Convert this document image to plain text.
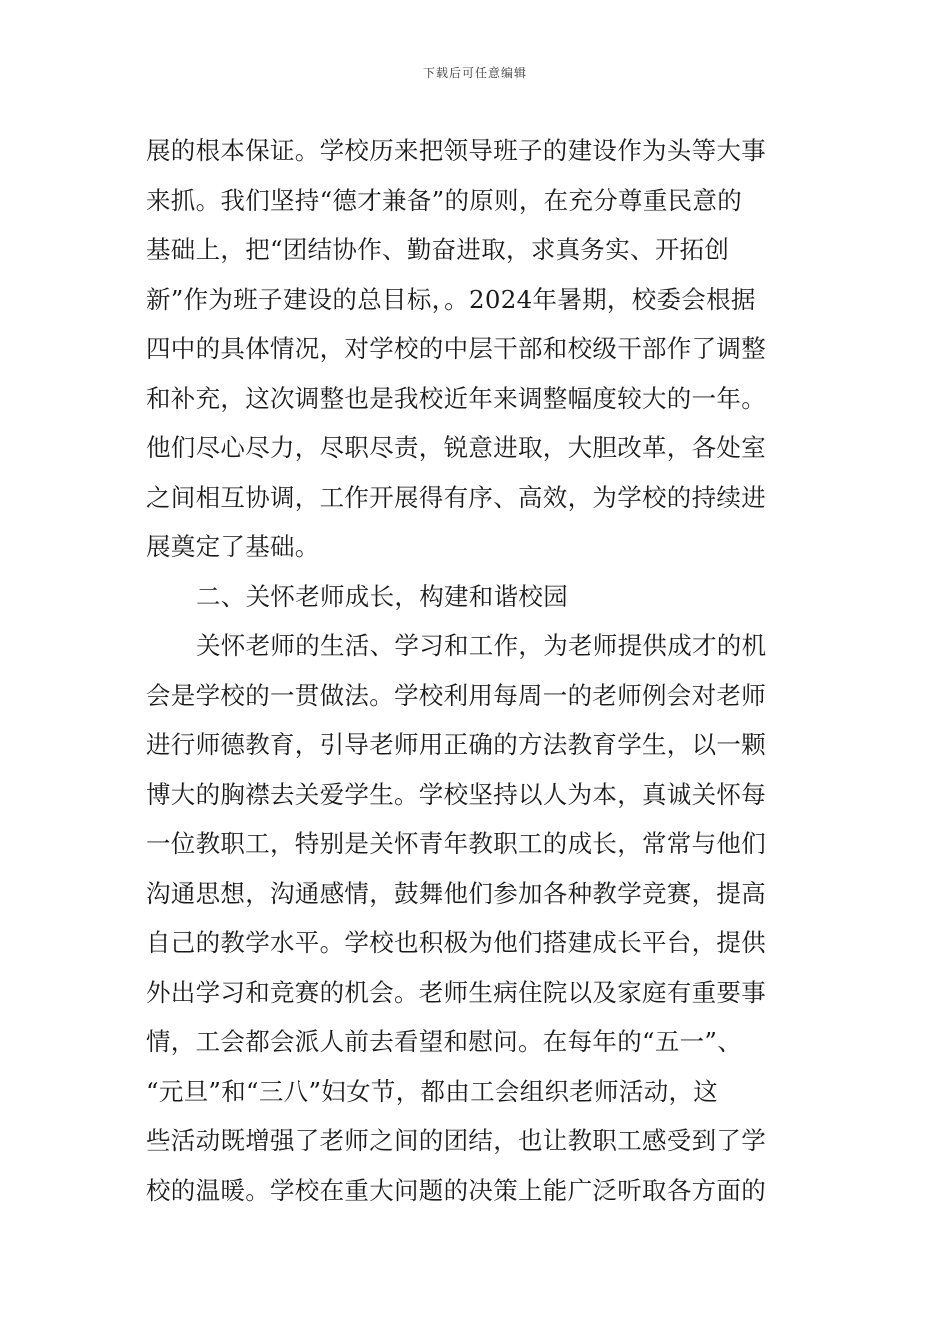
下载后可任意编辑
展的根本保证。学校历来把领导班子的建设作为头等大事
来抓。我们坚持“德才兼备”的原则，在充分尊重民意的
基础上，把“团结协作、勤奋进取，求真务实、开拓创
新”作为班子建设的总目标，。2024年暑期，校委会根据
四中的具体情况，对学校的中层干部和校级干部作了调整
和补充，这次调整也是我校近年来调整幅度较大的一年。
他们尽心尽力，尽职尽责，锐意进取，大胆改革，各处室
之间相互协调，工作开展得有序、高效，为学校的持续进
展奠定了基础。
二、关怀老师成长，构建和谐校园
关怀老师的生活、学习和工作，为老师提供成才的机
会是学校的一贯做法。学校利用每周一的老师例会对老师
进行师德教育，引导老师用正确的方法教育学生，以一颗
博大的胸襟去关爱学生。学校坚持以人为本，真诚关怀每
一位教职工，特别是关怀青年教职工的成长，常常与他们
沟通思想，沟通感情，鼓舞他们参加各种教学竞赛，提高
自己的教学水平。学校也积极为他们搭建成长平台，提供
外出学习和竞赛的机会。老师生病住院以及家庭有重要事
情，工会都会派人前去看望和慰问。在每年的“五一”、
“元旦”和“三八”妇女节，都由工会组织老师活动，这
些活动既增强了老师之间的团结，也让教职工感受到了学
校的温暖。学校在重大问题的决策上能广泛听取各方面的
